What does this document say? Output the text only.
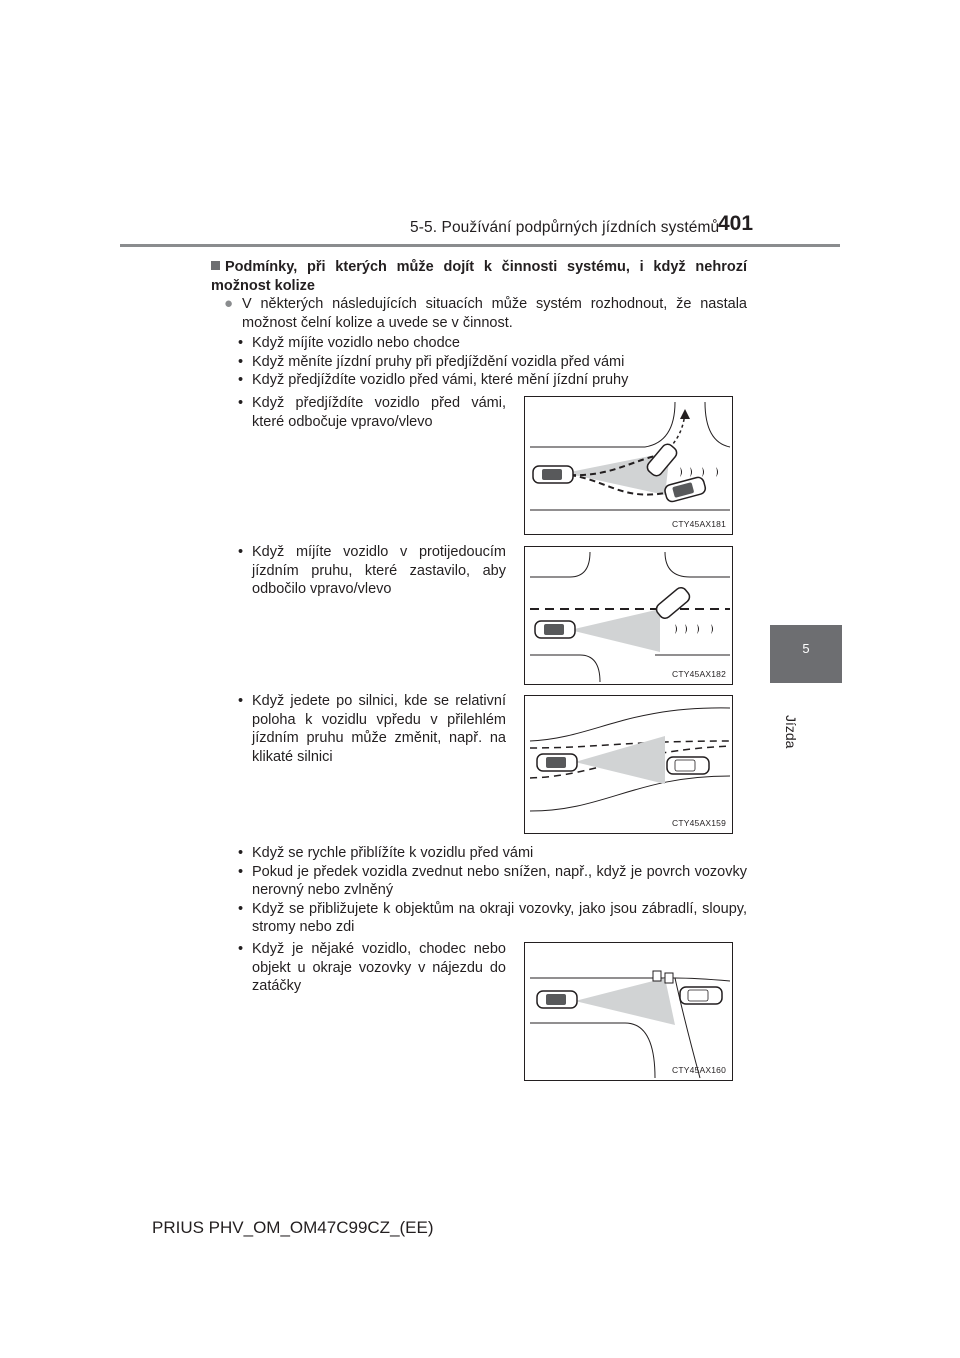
5-5. Používání podpůrných jízdních systémů
401
5
Jízda
Podmínky, při kterých může dojít k činnosti systému, i když nehrozí možnost kolize
● V některých následujících situacích může systém rozhodnout, že nastala možnost čelní kolize a uvede se v činnost.
• Když míjíte vozidlo nebo chodce
• Když měníte jízdní pruhy při předjíždění vozidla před vámi
• Když předjíždíte vozidlo před vámi, které mění jízdní pruhy
• Když předjíždíte vozidlo před vámi, které odbočuje vpravo/vlevo
CTY45AX181
• Když míjíte vozidlo v protijedoucím jízdním pruhu, které zastavilo, aby odbočilo vpravo/vlevo
CTY45AX182
• Když jedete po silnici, kde se relativní poloha k vozidlu vpředu v přilehlém jízdním pruhu může změnit, např. na klikaté silnici
CTY45AX159
• Když se rychle přiblížíte k vozidlu před vámi
• Pokud je předek vozidla zvednut nebo snížen, např., když je povrch vozovky nerovný nebo zvlněný
• Když se přibližujete k objektům na okraji vozovky, jako jsou zábradlí, sloupy, stromy nebo zdi
• Když je nějaké vozidlo, chodec nebo objekt u okraje vozovky v nájezdu do zatáčky
CTY45AX160
PRIUS PHV_OM_OM47C99CZ_(EE)
